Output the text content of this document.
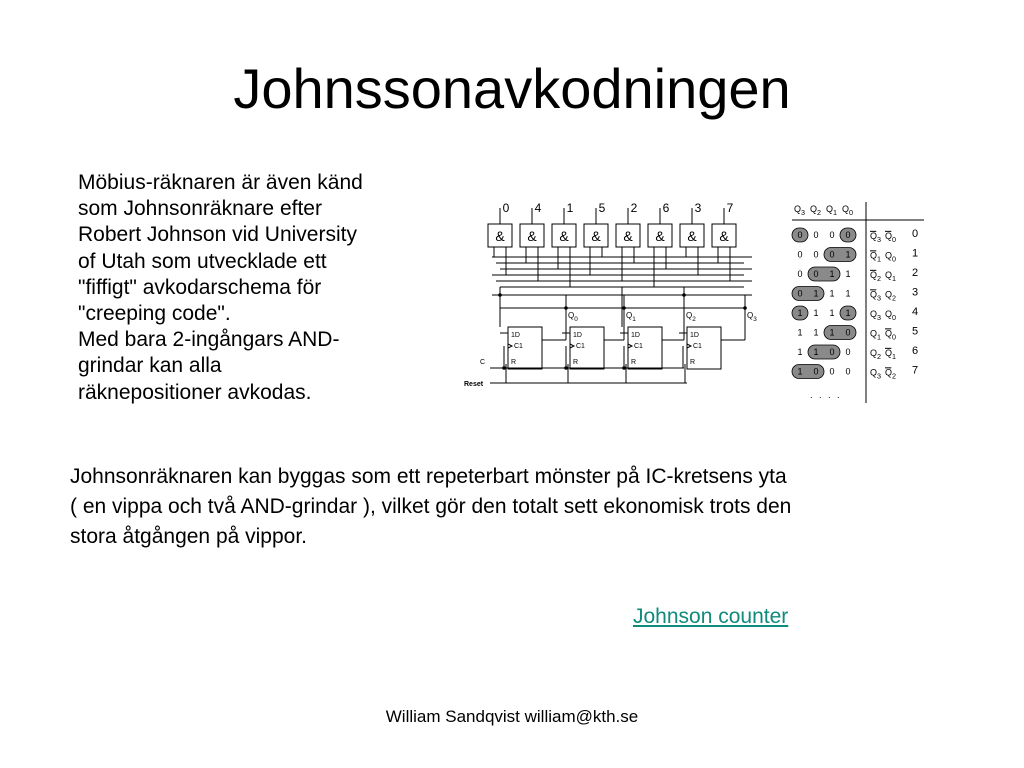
Johnssonavkodningen
Möbius-räknaren är även känd
som Johnsonräknare efter
Robert Johnson vid University
of Utah som utvecklade ett
"fiffigt" avkodarschema för
"creeping code".
Med bara 2-ingångars AND-
grindar kan alla
räknepositioner avkodas.
0 4 1 5 2 6 3 7
& & & & & & & &
1D
C1
R
$Q_0$
1D
C1
R
$Q_1$
1D
C1
R
$Q_2$
1D
C1
R
$Q_3$
C
Reset
$Q_3$ $Q_2$ $Q_1$ $Q_0$
0 0 0 0 $Q_3$ $Q_0$ 0
0 0 0 1 $Q_1$ $Q_0$ 1
0 0 1 1 $Q_2$ $Q_1$ 2
0 1 1 1 $Q_3$ $Q_2$ 3
1 1 1 1 $Q_3$ $Q_0$ 4
1 1 1 0 $Q_1$ $Q_0$ 5
1 1 0 0 $Q_2$ $Q_1$ 6
1 0 0 0 $Q_3$ $Q_2$ 7
. . . .
Johnsonräknaren kan byggas som ett repeterbart mönster på IC-kretsens yta
( en vippa och två AND-grindar ), vilket gör den totalt sett ekonomisk trots den
stora åtgången på vippor.
Johnson counter
William Sandqvist william@kth.se
